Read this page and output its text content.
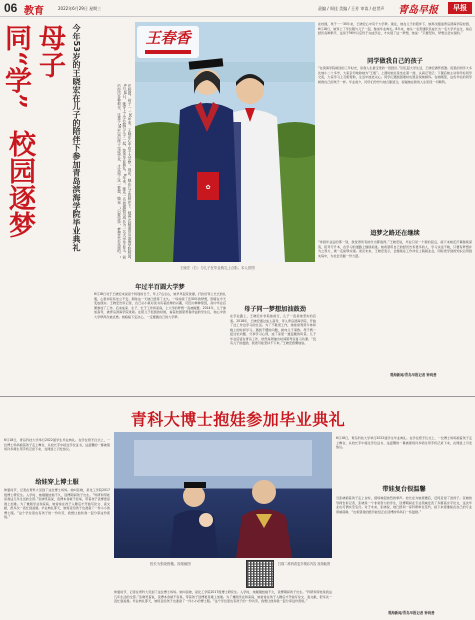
06 教育	2022年6月29日 星期三	责编 / 周佳 美编 / 王芳 审读 / 赵世声 青岛早报	早报
今年53岁的王晓宏在儿子的陪伴下参加青岛滨海学院毕业典礼
母子同“学”
校园逐梦	在校园，孩子一一30年来，王晓宏心中有个大学梦。现在，她在儿子的陪伴下，她再次踏进青岛滨海学院校园，6月18日，她穿上了学位服与儿子一起，参加毕业典礼。8年来，她从一名普通职员成长为一名大学毕业生，前后经历各种艰辛，这是于56岁以后终于完成学业，才实现了这一梦想，她说：“只要坚持，梦想总会实现的。”	✿
王春香
王晓宏（右）与儿子在毕业典礼上合影。本人供图
年过半百圆大学梦
6月18日对于王晓宏来说是个特别的日子，早上7点左右，她早早起床洗漱，打扮好穿上长长的礼服，心里却有些坐立不安。期待这一天她已经等了太久。一场持续了近30年的梦想，即将在今天变成现实。王晓宏告诉记者，自己从小就对读书有着浓厚的兴趣，可因为种种原因，高中毕业后便参加了工作。后来成家、生子，忙于工作和家庭，上大学的梦想一直被搁置。2014年，儿子参加高考，被青岛滨海学院录取。在陪儿子报到的时候，看着校园里青春洋溢的学生们，她心中的大学梦再次被点燃。她暗暗下定决心，一定要圆自己的大学梦。
母子同一梦想加油鼓劲
在学业路上，王晓宏并非孤独前行，儿子一直是她坚实的后盾。2018年，王晓宏通过成人高考，考入青岛滨海学院，开始了边工作边学习的生活。为了不耽误工作，她常常利用午休和晚上的时间学习。遇到不懂的问题，就向儿子请教。母子俩一起讨论问题、分享学习心得，成了家里一道温暖的风景。儿子毕业后留在青岛工作，依然每周抽出时间陪母亲复习功课。“没有儿子的鼓励，我很可能坚持不下来。”王晓宏感慨地说。
在校园，孩子一一30年来，王晓宏心中有个大学梦。现在，她在儿子的陪伴下，她再次踏进青岛滨海学院校园，6月18日，她穿上了学位服与儿子一起，参加毕业典礼。8年来，她从一名普通职员成长为一名大学毕业生，前后经历各种艰辛，这是于56岁以后终于完成学业，才实现了这一梦想，她说：“只要坚持，梦想总会实现的。”
同学做我自己的孩子
“在滨海学院就读的三年时光，是我人生最宝贵的一段经历。”回忆起大学生活，王晓宏满怀感激。班里的同学大多比她小二十多岁，大家亲切地称她为“王姐”。上课时她总是坐在第一排，认真记笔记；下课后她主动和年轻同学交流，大家学习上互相帮助，生活中彼此关心。同学们遇到困难时也愿意找她倾诉。在她眼里，这些年轻的同学就像自己的孩子一样。毕业前夕，同学们纷纷与她合影留念，祝福她在新的人生阶段一切顺利。
追梦之路还在继续
“拿到毕业证的那一刻，我觉得所有的付出都值得。”王晓宏说，毕业只是一个新的起点，接下来她还打算继续深造，报考专升本，在学习的道路上继续前进。她希望用自己的经历告诉更多的人，学习永远不晚，只要有梦想并为之努力，就一定能够实现。谈及未来，王晓宏表示，会继续在工作岗位上兢兢业业，同时把学到的知识运用到实际中，为社会贡献一份力量。
观海新闻/青岛早报记者 钟尚善
青科大博士抱娃参加毕业典礼
6月18日，青岛科技大学举行2022届学生毕业典礼。在学位授予仪式上，一位博士妈妈抱着孩子走上舞台，从校长手中接过学位证书，这温馨的一幕被现场许多师生用手机记录下来，在网络上引发热议。
给娃穿上博士服
仲夏时节，记者在青科大见到了这位博士妈妈。她叫张晓，是化工学院2017级博士研究生。入学时，她刚刚结婚不久，读博期间孩子出生。“科研和带娃是我这几年生活的全部。”张晓笑着说，读博本身就不容易，带着孩子读博更是难上加难。为了兼顾学业和家庭，她常常在孩子入睡后才开始写论文、查文献，很多次一直忙到凌晨。毕业典礼那天，她特意给孩子也准备了一件小小的博士服。“这个学位里也有孩子的一份功劳，我想让他和我一起分享这份喜悦。”
校长为张晓拨穗。视频截图	扫描二维码看更多精彩内容 视频截图
仲夏时节，记者在青科大见到了这位博士妈妈。她叫张晓，是化工学院2017级博士研究生。入学时，她刚刚结婚不久，读博期间孩子出生。“科研和带娃是我这几年生活的全部。”张晓笑着说，读博本身就不容易，带着孩子读博更是难上加难。为了兼顾学业和家庭，她常常在孩子入睡后才开始写论文、查文献，很多次一直忙到凌晨。毕业典礼那天，她特意给孩子也准备了一件小小的博士服。“这个学位里也有孩子的一份功劳，我想让他和我一起分享这份喜悦。”
6月18日，青岛科技大学举行2022届学生毕业典礼。在学位授予仪式上，一位博士妈妈抱着孩子走上舞台，从校长手中接过学位证书，这温馨的一幕被现场许多师生用手机记录下来，在网络上引发热议。
带娃复台很温馨
当张晓抱着孩子走上台时，现场响起热烈的掌声。校长在为她拨穗后，还特意逗了逗孩子。张晓的导师告诉记者，张晓是一个非常努力的学生，读博期间在专业领域发表了多篇高水平论文，这次毕业也可谓实至名归。对于未来，张晓说，她已经和一家科研单位签约，接下来将继续在自己的专业领域深耕，“也希望我的经历能给正在读博的妈妈们一些鼓励。”
观海新闻/青岛早报记者 钟尚善
